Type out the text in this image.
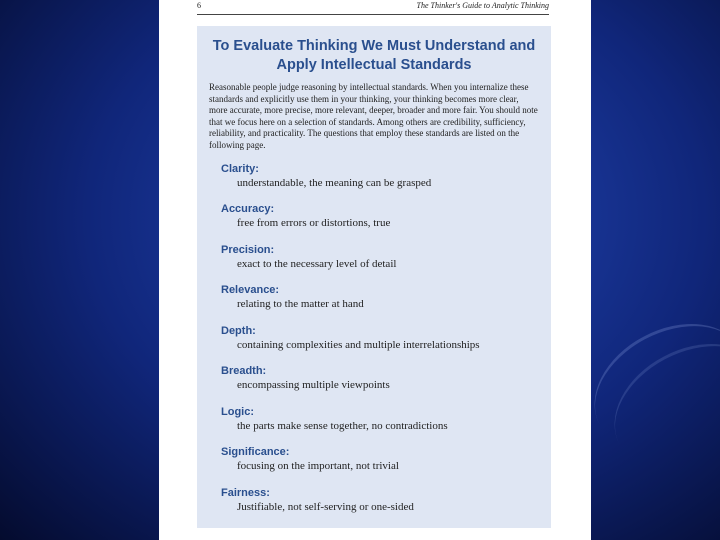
6	The Thinker's Guide to Analytic Thinking
To Evaluate Thinking We Must Understand and
Apply Intellectual Standards
Reasonable people judge reasoning by intellectual standards. When you internalize these standards and explicitly use them in your thinking, your thinking becomes more clear, more accurate, more precise, more relevant, deeper, broader and more fair. You should note that we focus here on a selection of standards. Among others are credibility, sufficiency, reliability, and practicality. The questions that employ these standards are listed on the following page.
Clarity:
understandable, the meaning can be grasped
Accuracy:
free from errors or distortions, true
Precision:
exact to the necessary level of detail
Relevance:
relating to the matter at hand
Depth:
containing complexities and multiple interrelationships
Breadth:
encompassing multiple viewpoints
Logic:
the parts make sense together, no contradictions
Significance:
focusing on the important, not trivial
Fairness:
Justifiable, not self-serving or one-sided
